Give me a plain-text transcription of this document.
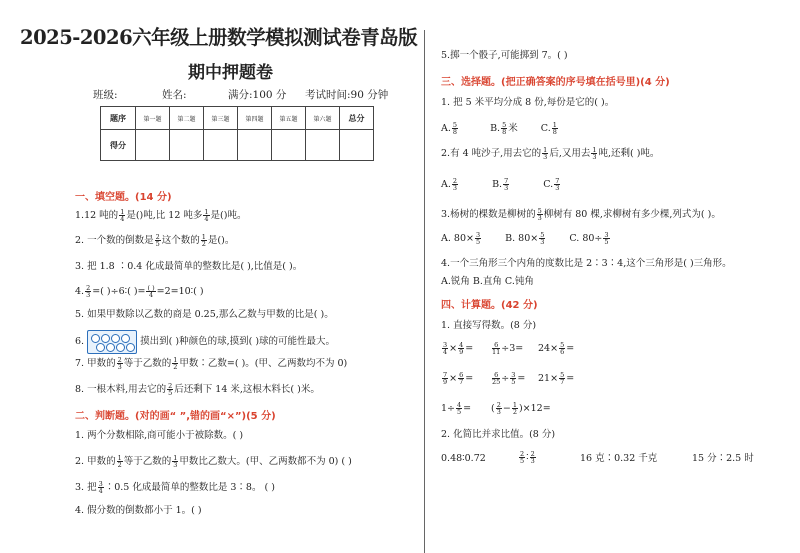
2025-2026六年级上册数学模拟测试卷青岛版
期中押题卷
班级:	姓名:	满分:100 分 考试时间:90 分钟
题序	第一题	第二题	第三题	第四题	第五题	第六题	总分
得分							
一、填空题。(14 分)
1.12 吨的 $\frac{1}{4}$ 是()吨,比 12 吨多 $\frac{1}{4}$ 是()吨。
2. 一个数的倒数是 $\frac{2}{5}$ 这个数的 $\frac{1}{2}$ 是()。
3. 把 1.8 ∶0.4 化成最简单的整数比是( ),比值是( )。
4. $\frac{2}{3}$ =( )÷6∶( )= $\frac{( )}{4}$ =2=10∶( )
5. 如果甲数除以乙数的商是 0.25,那么乙数与甲数的比是( )。
6.	摸出到( )种颜色的球,摸到( )球的可能性最大。
7. 甲数的 $\frac{2}{3}$ 等于乙数的 $\frac{1}{2}$ 甲数∶乙数=( )。(甲、乙两数均不为 0)
8. 一根木料,用去它的 $\frac{2}{5}$ 后还剩下 14 米,这根木料长( )米。
二、判断题。(对的画“ ”,错的画“×”)(5 分)
1. 两个分数相除,商可能小于被除数。( )
2. 甲数的 $\frac{1}{2}$ 等于乙数的 $\frac{1}{3}$ 甲数比乙数大。(甲、乙两数都不为 0) ( )
3. 把 $\frac{3}{4}$ ∶0.5 化成最简单的整数比是 3∶8。 ( )
4. 假分数的倒数都小于 1。( )
5.掷一个骰子,可能掷到 7。( )
三、选择题。(把正确答案的序号填在括号里)(4 分)
1. 把 5 米平均分成 8 份,每份是它的( )。
A. $\frac{5}{8}$	B. $\frac{5}{8}$ 米 C. $\frac{1}{8}$
2.有 4 吨沙子,用去它的 $\frac{1}{3}$ 后,又用去 $\frac{1}{3}$ 吨,还剩( )吨。
A. $\frac{2}{3}$	B. $\frac{7}{3}$	C. $\frac{7}{3}$
3.杨树的棵数是柳树的 $\frac{5}{3}$ 柳树有 80 棵,求柳树有多少棵,列式为( )。
A. $80\times \frac{3}{5}$	B. $80\times \frac{5}{3}$	C. $80\div \frac{3}{5}$
4.一个三角形三个内角的度数比是 2∶3∶4,这个三角形是( )三角形。
A.锐角 B.直角 C.钝角
四、计算题。(42 分)
1. 直接写得数。(8 分)
$\frac{3}{4} \times \frac{4}{9}$ =	$\frac{6}{11} \div 3= 24\times \frac{5}{6}$ =
$\frac{7}{9} \times \frac{6}{7}$ =	$\frac{6}{25} \div \frac{3}{5} = 21\times \frac{5}{7}$ =
$1\div \frac{4}{5}$ = ( $\frac{2}{3} - \frac{1}{2} )\times 12=$
2. 化简比并求比值。(8 分)
0.48∶0.72	$\frac{2}{5}$ ∶ $\frac{2}{3}$	16 克∶0.32 千克	15 分∶2.5 时
